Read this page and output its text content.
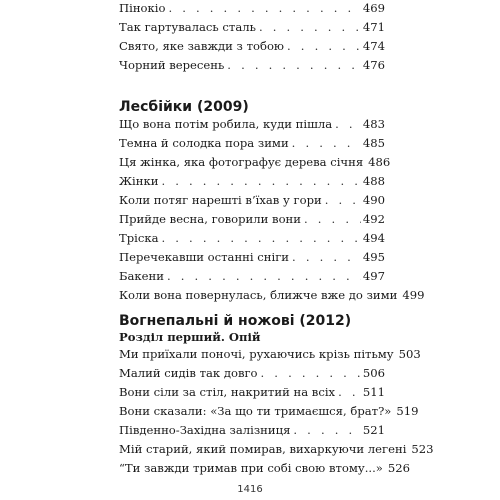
Пінокіо . . .	469
Так гартувалась сталь . . .	471
Свято, яке завжди з тобою . . .	474
Чорний вересень . . .	476
Лесбійки (2009)
Що вона потім робила, куди пішла . . .	483
Темна й солодка пора зими . . .	485
Ця жінка, яка фотографує дерева січня 486
Жінки . . .	488
Коли потяг нарешті в’їхав у гори . . .	490
Прийде весна, говорили вони . . .	492
Тріска . . .	494
Перечекавши останні сніги . . .	495
Бакени . . .	497
Коли вона повернулась, ближче вже до зими 499
Вогнепальні й ножові (2012)
Розділ перший. Опій
Ми приїхали поночі, рухаючись крізь пітьму 503
Малий сидів так довго . . .	506
Вони сіли за стіл, накритий на всіх . . . 511
Вони сказали: «За що ти тримаєшся, брат?» 519
Південно-Західна залізниця . . .	521
Мій старий, який помирав, вихаркуючи легені 523
“Ти завжди тримав при собі свою втому...» 526
1416
